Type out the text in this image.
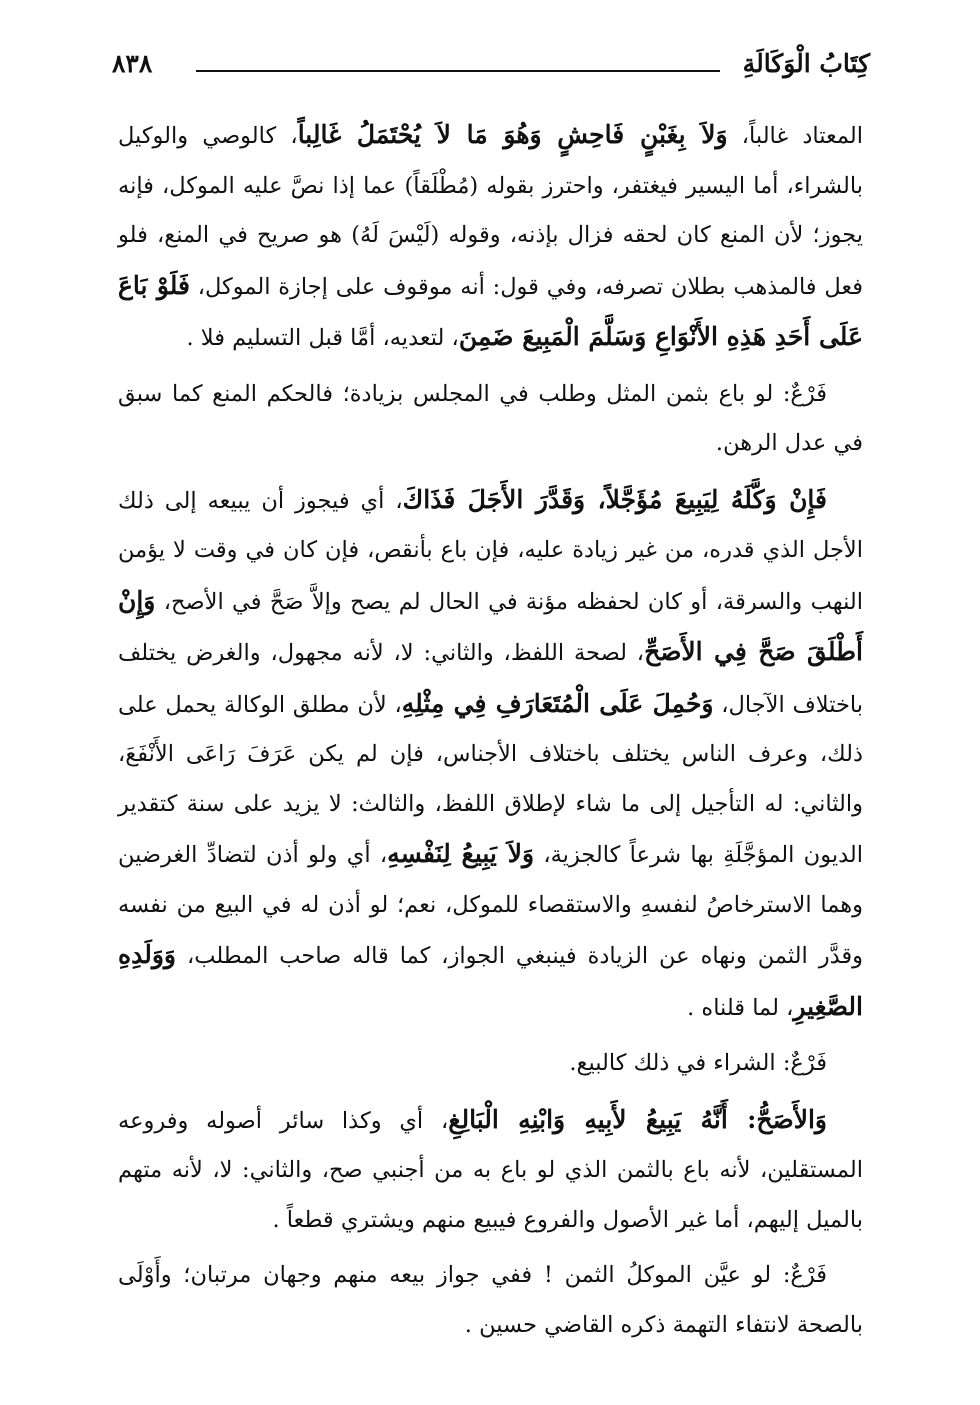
كِتَابُ الْوَكَالَةِ
٨٣٨

المعتاد غالباً، وَلاَ بِغَبْنٍ فَاحِشٍ وَهُوَ مَا لاَ يُحْتَمَلُ غَالِباً، كالوصي والوكيل بالشراء، أما اليسير فيغتفر، واحترز بقوله (مُطْلَقاً) عما إذا نصَّ عليه الموكل، فإنه يجوز؛ لأن المنع كان لحقه فزال بإذنه، وقوله (لَيْسَ لَهُ) هو صريح في المنع، فلو فعل فالمذهب بطلان تصرفه، وفي قول: أنه موقوف على إجازة الموكل، فَلَوْ بَاعَ عَلَى أَحَدِ هَذِهِ الأَنْوَاعِ وَسَلَّمَ الْمَبِيعَ ضَمِنَ، لتعديه، أمَّا قبل التسليم فلا .

فَرْعٌ: لو باع بثمن المثل وطلب في المجلس بزيادة؛ فالحكم المنع كما سبق في عدل الرهن.

فَإِنْ وَكَّلَهُ لِيَبِيعَ مُؤَجَّلاً، وَقَدَّرَ الأَجَلَ فَذَاكَ، أي فيجوز أن يبيعه إلى ذلك الأجل الذي قدره، من غير زيادة عليه، فإن باع بأنقص، فإن كان في وقت لا يؤمن النهب والسرقة، أو كان لحفظه مؤنة في الحال لم يصح وإلاَّ صَحَّ في الأصح، وَإِنْ أَطْلَقَ صَحَّ فِي الأَصَحِّ، لصحة اللفظ، والثاني: لا، لأنه مجهول، والغرض يختلف باختلاف الآجال، وَحُمِلَ عَلَى الْمُتَعَارَفِ فِي مِثْلِهِ، لأن مطلق الوكالة يحمل على ذلك، وعرف الناس يختلف باختلاف الأجناس، فإن لم يكن عَرَفَ رَاعَى الأَنْفَعَ، والثاني: له التأجيل إلى ما شاء لإطلاق اللفظ، والثالث: لا يزيد على سنة كتقدير الديون المؤجَّلَةِ بها شرعاً كالجزية، وَلاَ يَبِيعُ لِنَفْسِهِ، أي ولو أذن لتضادِّ الغرضين وهما الاسترخاصُ لنفسهِ والاستقصاء للموكل، نعم؛ لو أذن له في البيع من نفسه وقدَّر الثمن ونهاه عن الزيادة فينبغي الجواز، كما قاله صاحب المطلب، وَوَلَدِهِ الصَّغِيرِ، لما قلناه .

فَرْعٌ: الشراء في ذلك كالبيع.

وَالأَصَحُّ: أَنَّهُ يَبِيعُ لأَبِيهِ وَابْنِهِ الْبَالِغِ، أي وكذا سائر أصوله وفروعه المستقلين، لأنه باع بالثمن الذي لو باع به من أجنبي صح، والثاني: لا، لأنه متهم بالميل إليهم، أما غير الأصول والفروع فيبيع منهم ويشتري قطعاً .

فَرْعٌ: لو عيَّن الموكلُ الثمن ! ففي جواز بيعه منهم وجهان مرتبان؛ وأَوْلَى بالصحة لانتفاء التهمة ذكره القاضي حسين .
